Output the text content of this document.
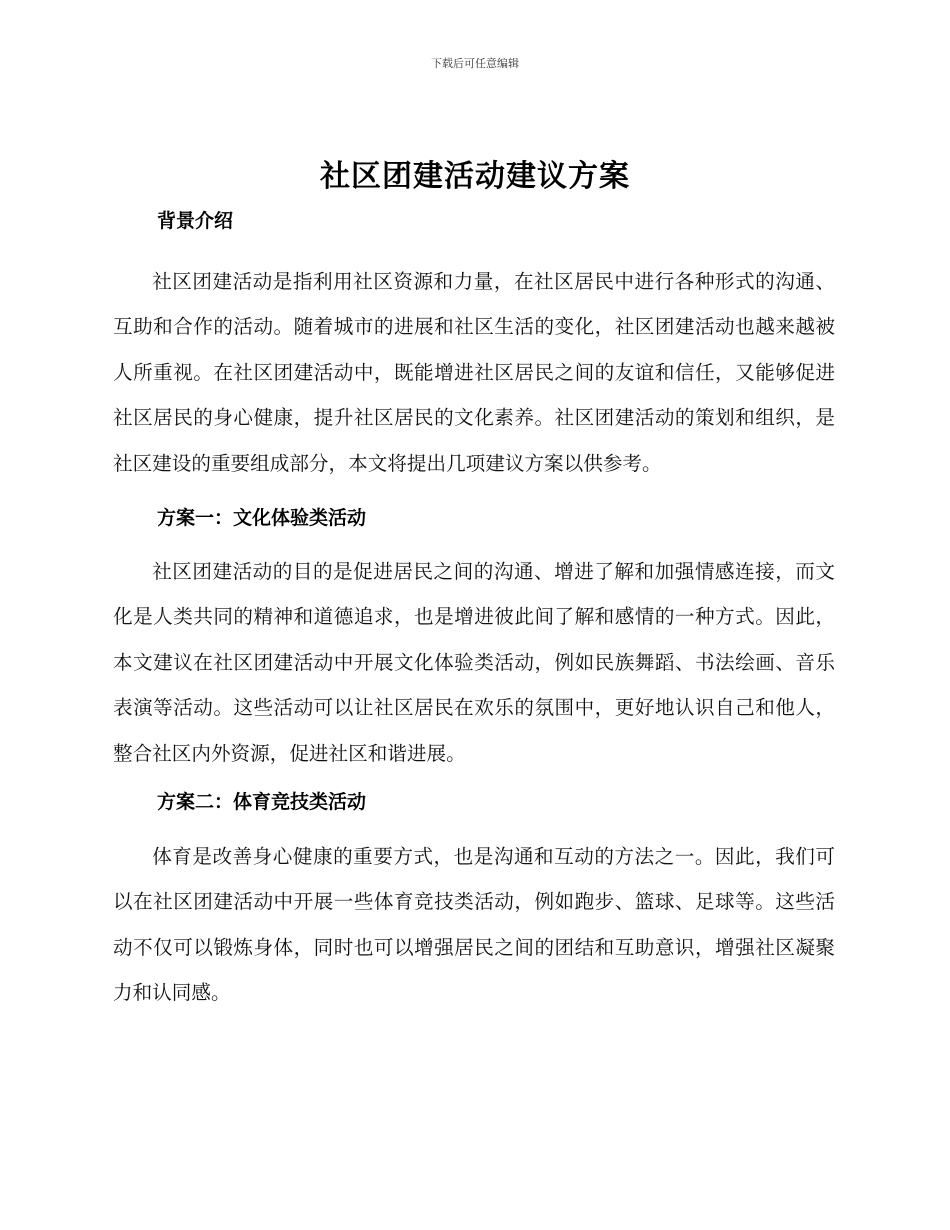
下载后可任意编辑
社区团建活动建议方案
背景介绍

社区团建活动是指利用社区资源和力量，在社区居民中进行各种形式的沟通、互助和合作的活动。随着城市的进展和社区生活的变化，社区团建活动也越来越被人所重视。在社区团建活动中，既能增进社区居民之间的友谊和信任，又能够促进社区居民的身心健康，提升社区居民的文化素养。社区团建活动的策划和组织，是社区建设的重要组成部分，本文将提出几项建议方案以供参考。

方案一：文化体验类活动

社区团建活动的目的是促进居民之间的沟通、增进了解和加强情感连接，而文化是人类共同的精神和道德追求，也是增进彼此间了解和感情的一种方式。因此，本文建议在社区团建活动中开展文化体验类活动，例如民族舞蹈、书法绘画、音乐表演等活动。这些活动可以让社区居民在欢乐的氛围中，更好地认识自己和他人，整合社区内外资源，促进社区和谐进展。

方案二：体育竞技类活动

体育是改善身心健康的重要方式，也是沟通和互动的方法之一。因此，我们可以在社区团建活动中开展一些体育竞技类活动，例如跑步、篮球、足球等。这些活动不仅可以锻炼身体，同时也可以增强居民之间的团结和互助意识，增强社区凝聚力和认同感。
